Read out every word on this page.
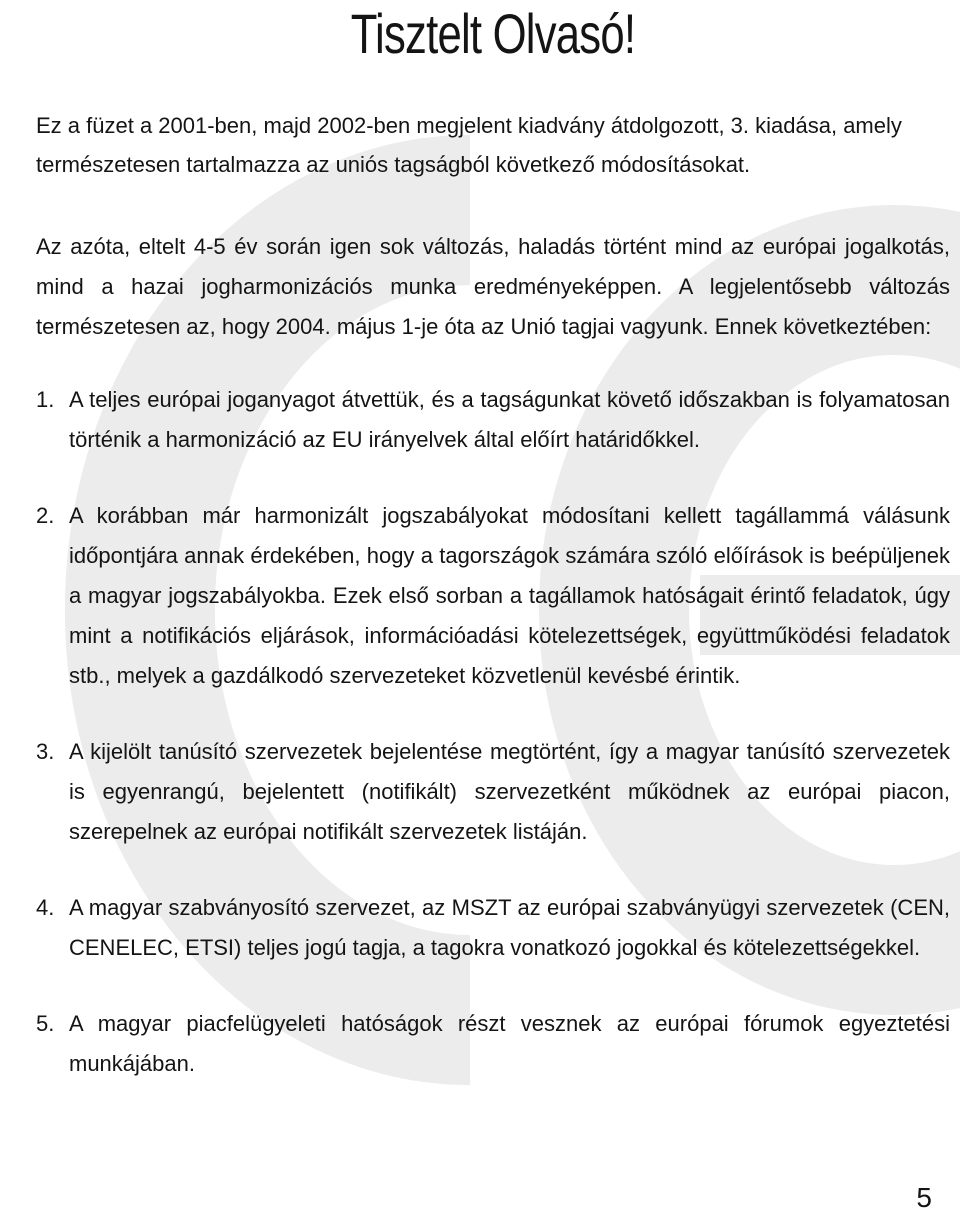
Tisztelt Olvasó!

Ez a füzet a 2001-ben, majd 2002-ben megjelent kiadvány átdolgozott, 3. kiadása, amely természetesen tartalmazza az uniós tagságból következő módosításokat.

Az azóta, eltelt 4-5 év során igen sok változás, haladás történt mind az európai jogalkotás, mind a hazai jogharmonizációs munka eredményeképpen. A legjelentősebb változás természetesen az, hogy 2004. május 1-je óta az Unió tagjai vagyunk. Ennek következtében:

1. A teljes európai joganyagot átvettük, és a tagságunkat követő időszakban is folyamatosan történik a harmonizáció az EU irányelvek által előírt határidőkkel.
2. A korábban már harmonizált jogszabályokat módosítani kellett tagállammá válásunk időpontjára annak érdekében, hogy a tagországok számára szóló előírások is beépüljenek a magyar jogszabályokba. Ezek első sorban a tagállamok hatóságait érintő feladatok, úgy mint a notifikációs eljárások, információadási kötelezettségek, együttműködési feladatok stb., melyek a gazdálkodó szervezeteket közvetlenül kevésbé érintik.
3. A kijelölt tanúsító szervezetek bejelentése megtörtént, így a magyar tanúsító szervezetek is egyenrangú, bejelentett (notifikált) szervezetként működnek az európai piacon, szerepelnek az európai notifikált szervezetek listáján.
4. A magyar szabványosító szervezet, az MSZT az európai szabványügyi szervezetek (CEN, CENELEC, ETSI) teljes jogú tagja, a tagokra vonatkozó jogokkal és kötelezettségekkel.
5. A magyar piacfelügyeleti hatóságok részt vesznek az európai fórumok egyeztetési munkájában.
5
